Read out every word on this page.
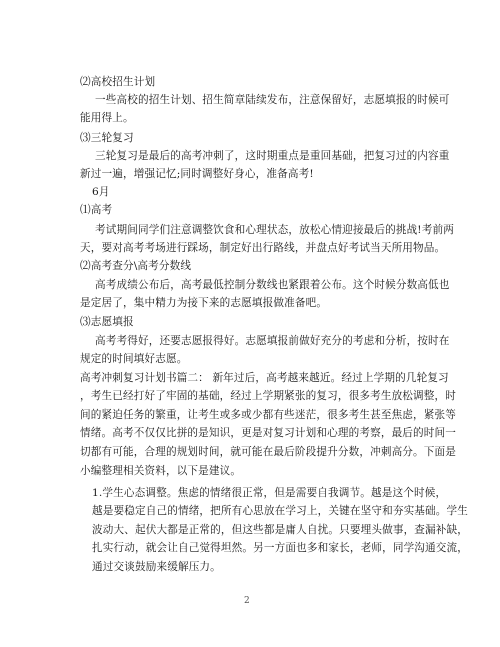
⑵高校招生计划
一些高校的招生计划、招生简章陆续发布，注意保留好，志愿填报的时候可
能用得上。
⑶三轮复习
三轮复习是最后的高考冲刺了，这时期重点是重回基础，把复习过的内容重
新过一遍，增强记忆;同时调整好身心，准备高考!
6月
⑴高考
考试期间同学们注意调整饮食和心理状态，放松心情迎接最后的挑战!考前两
天，要对高考考场进行踩场，制定好出行路线，并盘点好考试当天所用物品。
⑵高考查分\高考分数线
高考成绩公布后，高考最低控制分数线也紧跟着公布。这个时候分数高低也
是定居了，集中精力为接下来的志愿填报做准备吧。
⑶志愿填报
高考考得好，还要志愿报得好。志愿填报前做好充分的考虑和分析，按时在
规定的时间填好志愿。
高考冲刺复习计划书篇二： 新年过后，高考越来越近。经过上学期的几轮复习
，考生已经打好了牢固的基础，经过上学期紧张的复习，很多考生放松调整，时
间的紧迫任务的繁重，让考生或多或少都有些迷茫，很多考生甚至焦虑，紧张等
情绪。高考不仅仅比拼的是知识，更是对复习计划和心理的考察，最后的时间一
切都有可能，合理的规划时间，就可能在最后阶段提升分数，冲刺高分。下面是
小编整理相关资料，以下是建议。
1.学生心态调整。焦虑的情绪很正常，但是需要自我调节。越是这个时候，
越是要稳定自己的情绪，把所有心思放在学习上，关键在坚守和夯实基础。学生
波动大、起伏大都是正常的，但这些都是庸人自扰。只要埋头做事，查漏补缺，
扎实行动，就会让自己觉得坦然。另一方面也多和家长，老师，同学沟通交流，
通过交谈鼓励来缓解压力。
2
